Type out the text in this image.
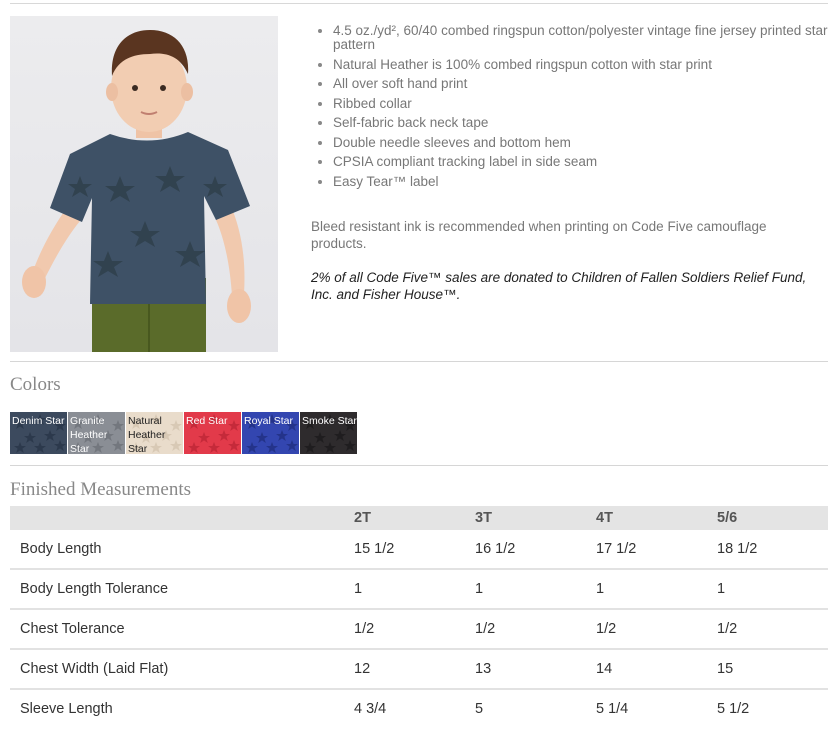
• 4.5 oz./yd², 60/40 combed ringspun cotton/polyester vintage fine jersey printed star pattern
• Natural Heather is 100% combed ringspun cotton with star print
• All over soft hand print
• Ribbed collar
• Self-fabric back neck tape
• Double needle sleeves and bottom hem
• CPSIA compliant tracking label in side seam
• Easy Tear™ label

Bleed resistant ink is recommended when printing on Code Five camouflage products.

2% of all Code Five™ sales are donated to Children of Fallen Soldiers Relief Fund, Inc. and Fisher House™.

Colors
Denim Star Granite Heather Star
Natural Heather Star
Red Star	Royal Star Smoke Star
Finished Measurements
	2T	3T	4T	5/6
Body Length	15 1/2	16 1/2	17 1/2	18 1/2
Body Length Tolerance	1	1	1	1
Chest Tolerance	1/2	1/2	1/2	1/2
Chest Width (Laid Flat)	12	13	14	15
Sleeve Length	4 3/4	5	5 1/4	5 1/2
